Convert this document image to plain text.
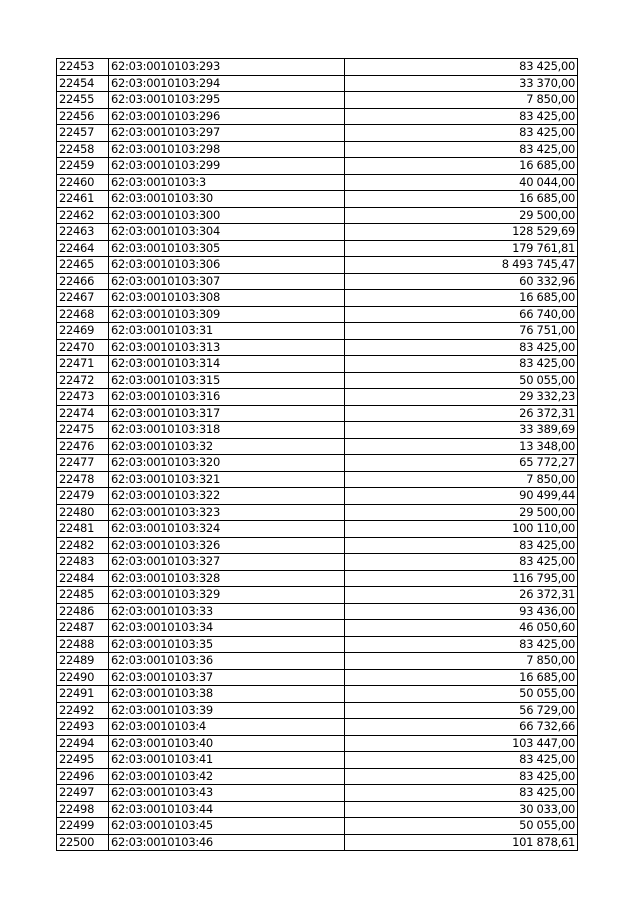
22453	62:03:0010103:293	83 425,00
22454	62:03:0010103:294	33 370,00
22455	62:03:0010103:295	7 850,00
22456	62:03:0010103:296	83 425,00
22457	62:03:0010103:297	83 425,00
22458	62:03:0010103:298	83 425,00
22459	62:03:0010103:299	16 685,00
22460	62:03:0010103:3	40 044,00
22461	62:03:0010103:30	16 685,00
22462	62:03:0010103:300	29 500,00
22463	62:03:0010103:304	128 529,69
22464	62:03:0010103:305	179 761,81
22465	62:03:0010103:306	8 493 745,47
22466	62:03:0010103:307	60 332,96
22467	62:03:0010103:308	16 685,00
22468	62:03:0010103:309	66 740,00
22469	62:03:0010103:31	76 751,00
22470	62:03:0010103:313	83 425,00
22471	62:03:0010103:314	83 425,00
22472	62:03:0010103:315	50 055,00
22473	62:03:0010103:316	29 332,23
22474	62:03:0010103:317	26 372,31
22475	62:03:0010103:318	33 389,69
22476	62:03:0010103:32	13 348,00
22477	62:03:0010103:320	65 772,27
22478	62:03:0010103:321	7 850,00
22479	62:03:0010103:322	90 499,44
22480	62:03:0010103:323	29 500,00
22481	62:03:0010103:324	100 110,00
22482	62:03:0010103:326	83 425,00
22483	62:03:0010103:327	83 425,00
22484	62:03:0010103:328	116 795,00
22485	62:03:0010103:329	26 372,31
22486	62:03:0010103:33	93 436,00
22487	62:03:0010103:34	46 050,60
22488	62:03:0010103:35	83 425,00
22489	62:03:0010103:36	7 850,00
22490	62:03:0010103:37	16 685,00
22491	62:03:0010103:38	50 055,00
22492	62:03:0010103:39	56 729,00
22493	62:03:0010103:4	66 732,66
22494	62:03:0010103:40	103 447,00
22495	62:03:0010103:41	83 425,00
22496	62:03:0010103:42	83 425,00
22497	62:03:0010103:43	83 425,00
22498	62:03:0010103:44	30 033,00
22499	62:03:0010103:45	50 055,00
22500	62:03:0010103:46	101 878,61
